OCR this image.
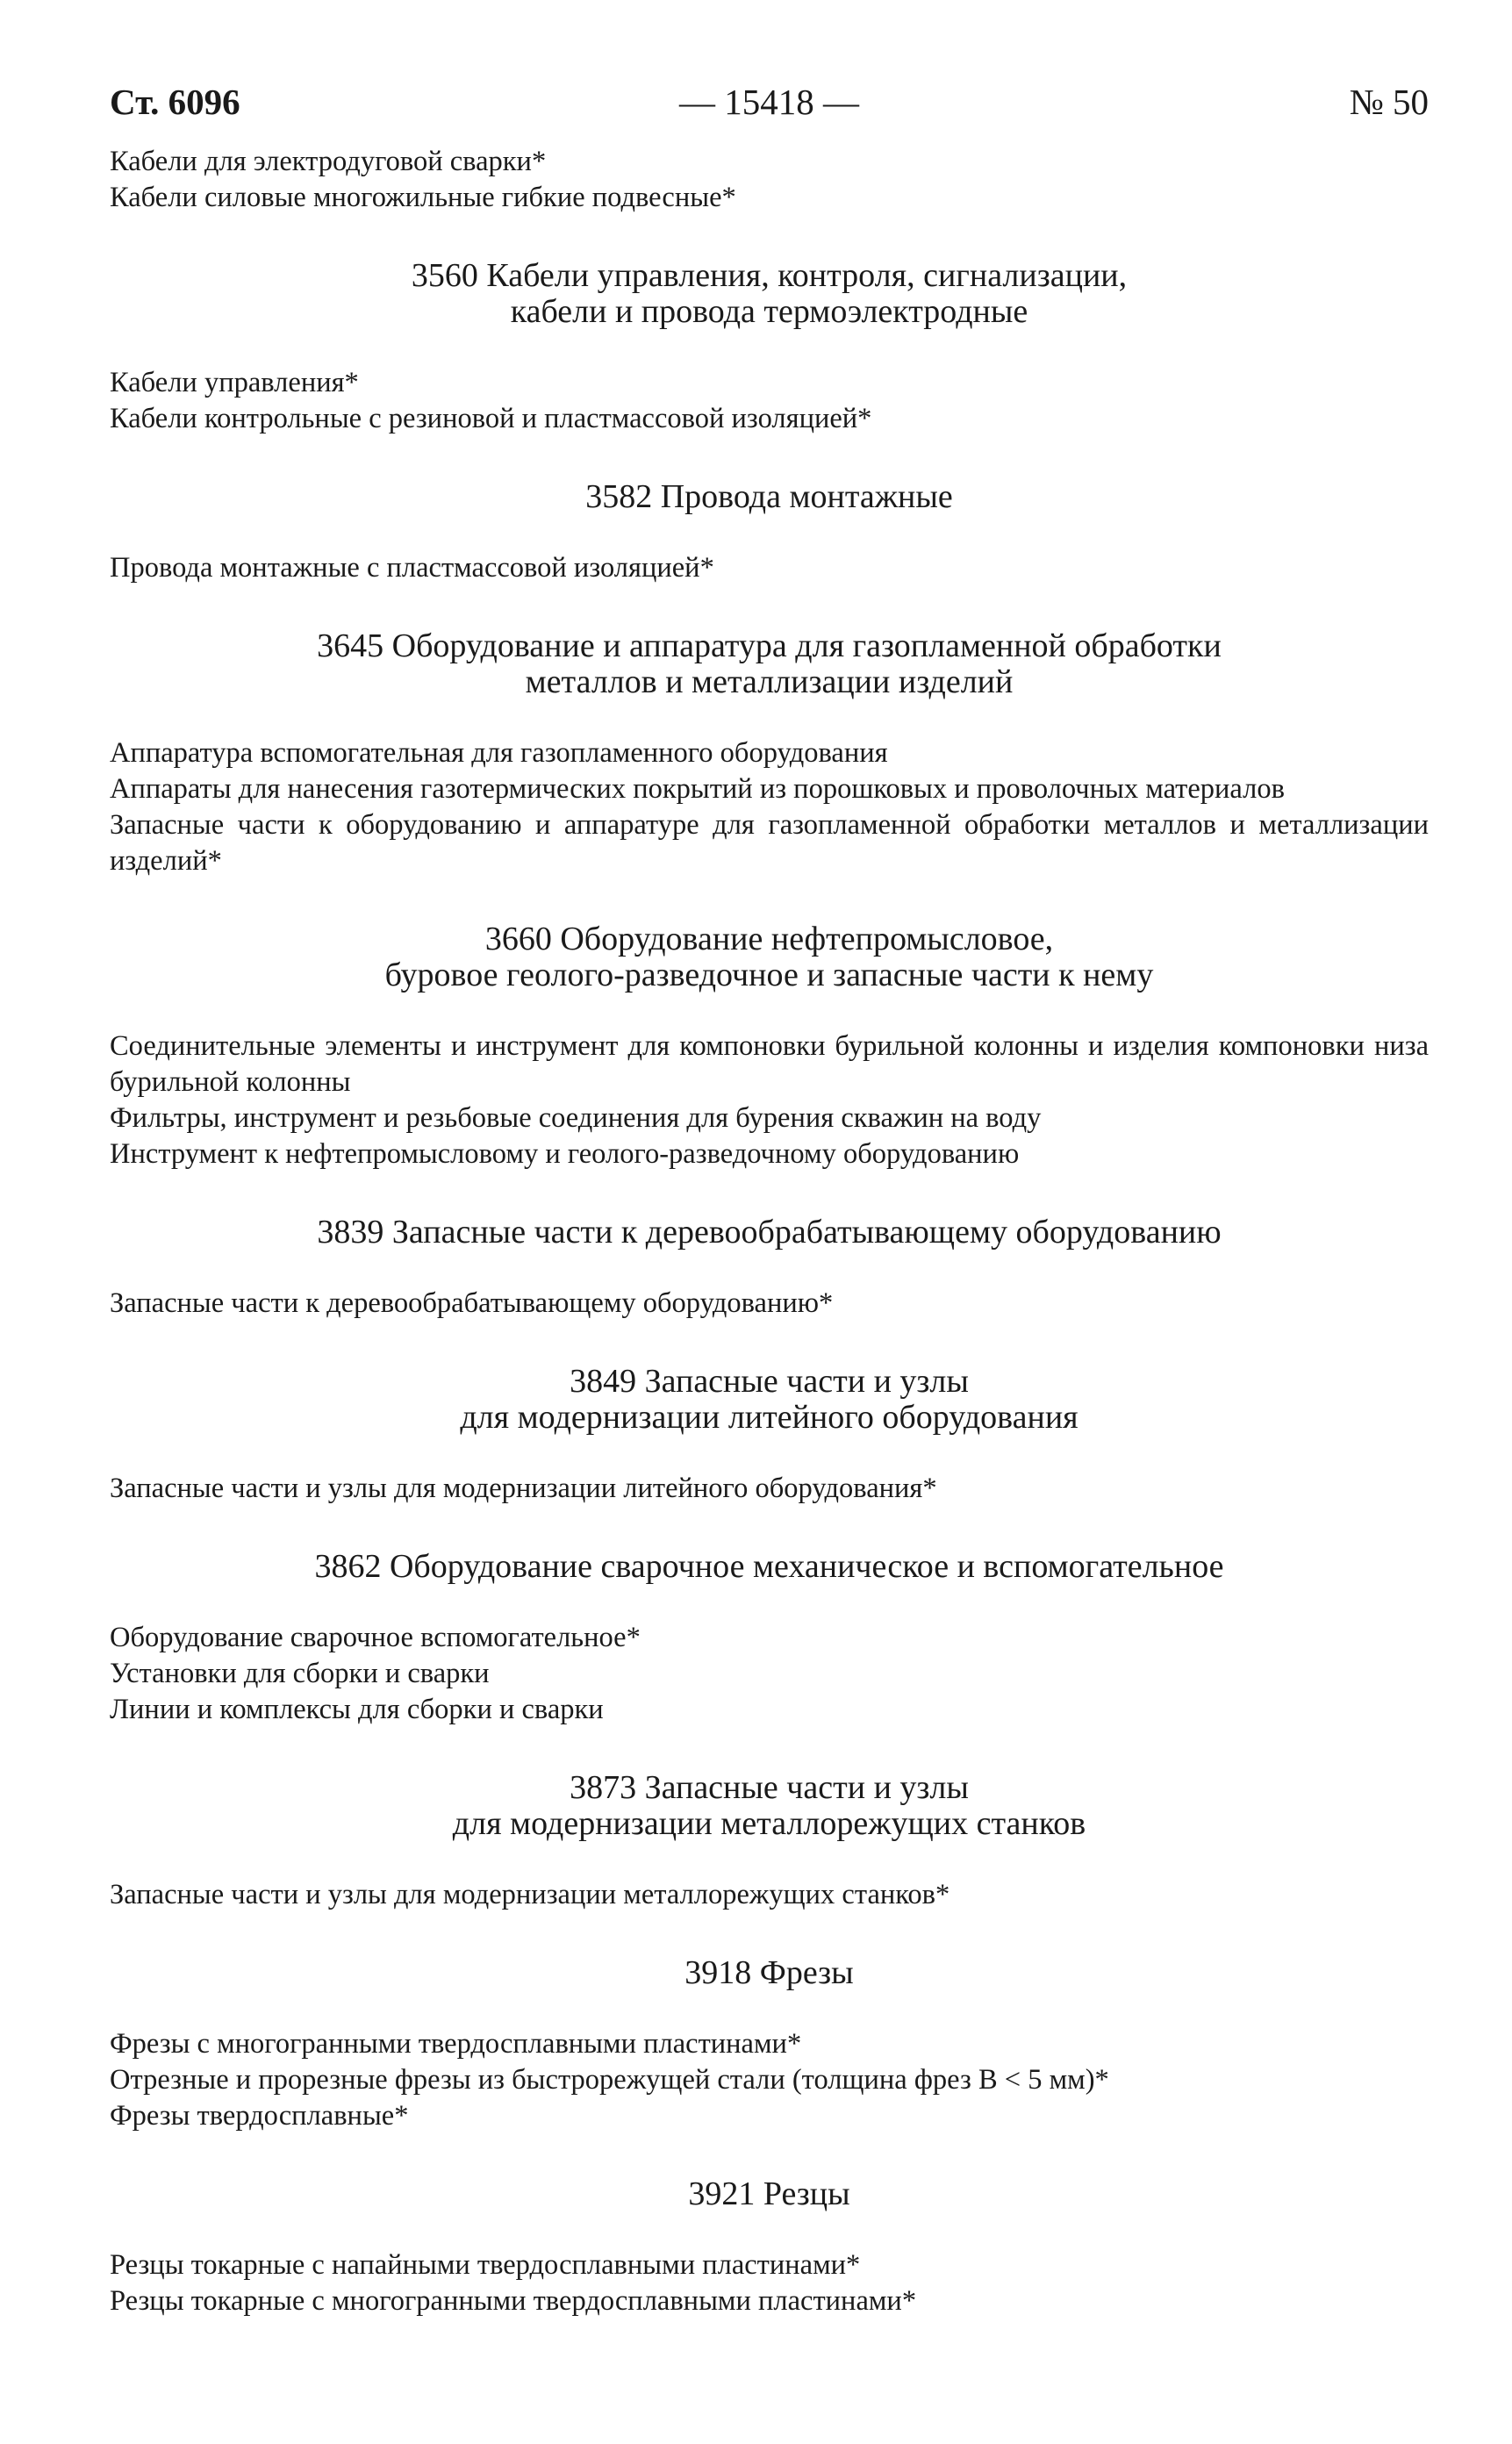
Ст. 6096	— 15418 —	№ 50
Кабели для электродуговой сварки*
Кабели силовые многожильные гибкие подвесные*
3560 Кабели управления, контроля, сигнализации,
кабели и провода термоэлектродные
Кабели управления*
Кабели контрольные с резиновой и пластмассовой изоляцией*
3582 Провода монтажные
Провода монтажные с пластмассовой изоляцией*
3645 Оборудование и аппаратура для газопламенной обработки
металлов и металлизации изделий
Аппаратура вспомогательная для газопламенного оборудования
Аппараты для нанесения газотермических покрытий из порошковых и проволочных материалов
Запасные части к оборудованию и аппаратуре для газопламенной обработки металлов и металлизации изделий*
3660 Оборудование нефтепромысловое,
буровое геолого-разведочное и запасные части к нему
Соединительные элементы и инструмент для компоновки бурильной колонны и изделия компоновки низа бурильной колонны
Фильтры, инструмент и резьбовые соединения для бурения скважин на воду
Инструмент к нефтепромысловому и геолого-разведочному оборудованию
3839 Запасные части к деревообрабатывающему оборудованию
Запасные части к деревообрабатывающему оборудованию*
3849 Запасные части и узлы
для модернизации литейного оборудования
Запасные части и узлы для модернизации литейного оборудования*
3862 Оборудование сварочное механическое и вспомогательное
Оборудование сварочное вспомогательное*
Установки для сборки и сварки
Линии и комплексы для сборки и сварки
3873 Запасные части и узлы
для модернизации металлорежущих станков
Запасные части и узлы для модернизации металлорежущих станков*
3918 Фрезы
Фрезы с многогранными твердосплавными пластинами*
Отрезные и прорезные фрезы из быстрорежущей стали (толщина фрез В < 5 мм)*
Фрезы твердосплавные*
3921 Резцы
Резцы токарные с напайными твердосплавными пластинами*
Резцы токарные с многогранными твердосплавными пластинами*
